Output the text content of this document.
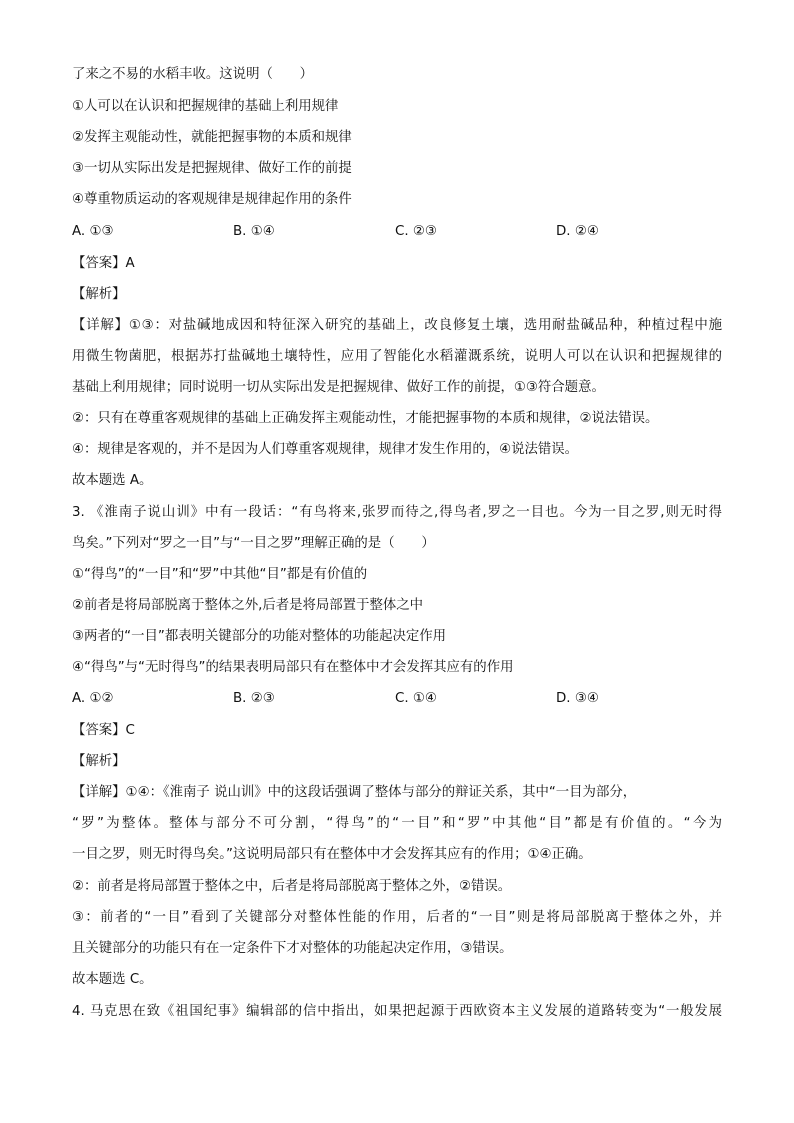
了来之不易的水稻丰收。这说明（　　）
①人可以在认识和把握规律的基础上利用规律
②发挥主观能动性，就能把握事物的本质和规律
③一切从实际出发是把握规律、做好工作的前提
④尊重物质运动的客观规律是规律起作用的条件
A. ①③	B. ①④	C. ②③	D. ②④
【答案】A
【解析】
【详解】①③：对盐碱地成因和特征深入研究的基础上，改良修复土壤，选用耐盐碱品种，种植过程中施
用微生物菌肥，根据苏打盐碱地土壤特性，应用了智能化水稻灌溉系统，说明人可以在认识和把握规律的
基础上利用规律；同时说明一切从实际出发是把握规律、做好工作的前提，①③符合题意。
②：只有在尊重客观规律的基础上正确发挥主观能动性，才能把握事物的本质和规律，②说法错误。
④：规律是客观的，并不是因为人们尊重客观规律，规律才发生作用的，④说法错误。
故本题选 A。
3. 《淮南子说山训》中有一段话：“有鸟将来,张罗而待之,得鸟者,罗之一目也。今为一目之罗,则无时得
鸟矣。”下列对“罗之一目”与“一目之罗”理解正确的是（　　）
①“得鸟”的“一目”和“罗”中其他“目”都是有价值的
②前者是将局部脱离于整体之外,后者是将局部置于整体之中
③两者的“一目”都表明关键部分的功能对整体的功能起决定作用
④“得鸟”与“无时得鸟”的结果表明局部只有在整体中才会发挥其应有的作用
A. ①②	B. ②③	C. ①④	D. ③④
【答案】C
【解析】
【详解】①④：《淮南子 说山训》中的这段话强调了整体与部分的辩证关系，其中“一目为部分，
“罗”为整体。整体与部分不可分割，“得鸟”的“一目”和“罗”中其他“目”都是有价值的。“今为
一目之罗，则无时得鸟矣。”这说明局部只有在整体中才会发挥其应有的作用；①④正确。
②：前者是将局部置于整体之中，后者是将局部脱离于整体之外，②错误。
③：前者的“一目”看到了关键部分对整体性能的作用，后者的“一目”则是将局部脱离于整体之外，并
且关键部分的功能只有在一定条件下才对整体的功能起决定作用，③错误。
故本题选 C。
4. 马克思在致《祖国纪事》编辑部的信中指出，如果把起源于西欧资本主义发展的道路转变为“一般发展
